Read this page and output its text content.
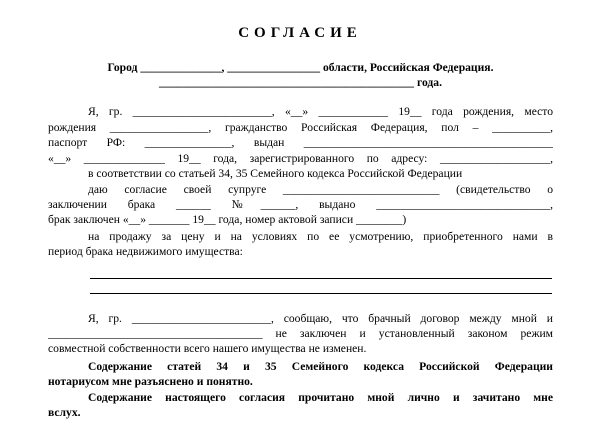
СОГЛАСИЕ
Город ______________, ________________ области, Российская Федерация.
____________________________________________ года.
Я, гр. ________________________, «__» ____________ 19__ года рождения, место
рождения _________________, гражданство Российская Федерация, пол – __________,
паспорт РФ: _______________, выдан ___________________________________________
«__» ______________ 19__ года, зарегистрированного по адресу: ___________________,
в соответствии со статьей 34, 35 Семейного кодекса Российской Федерации
даю согласие своей супруге ___________________________ (свидетельство о
заключении брака ______ №______, выдано ______________________________,
брак заключен «__» _______ 19__ года, номер актовой записи ________)
на продажу за цену и на условиях по ее усмотрению, приобретенного нами в
период брака недвижимого имущества:
Я, гр. ________________________, сообщаю, что брачный договор между мной и
_____________________________________ не заключен и установленный законом режим
совместной собственности всего нашего имущества не изменен.
Содержание статей 34 и 35 Семейного кодекса Российской Федерации
нотариусом мне разъяснено и понятно.
Содержание настоящего согласия прочитано мной лично и зачитано мне
вслух.
